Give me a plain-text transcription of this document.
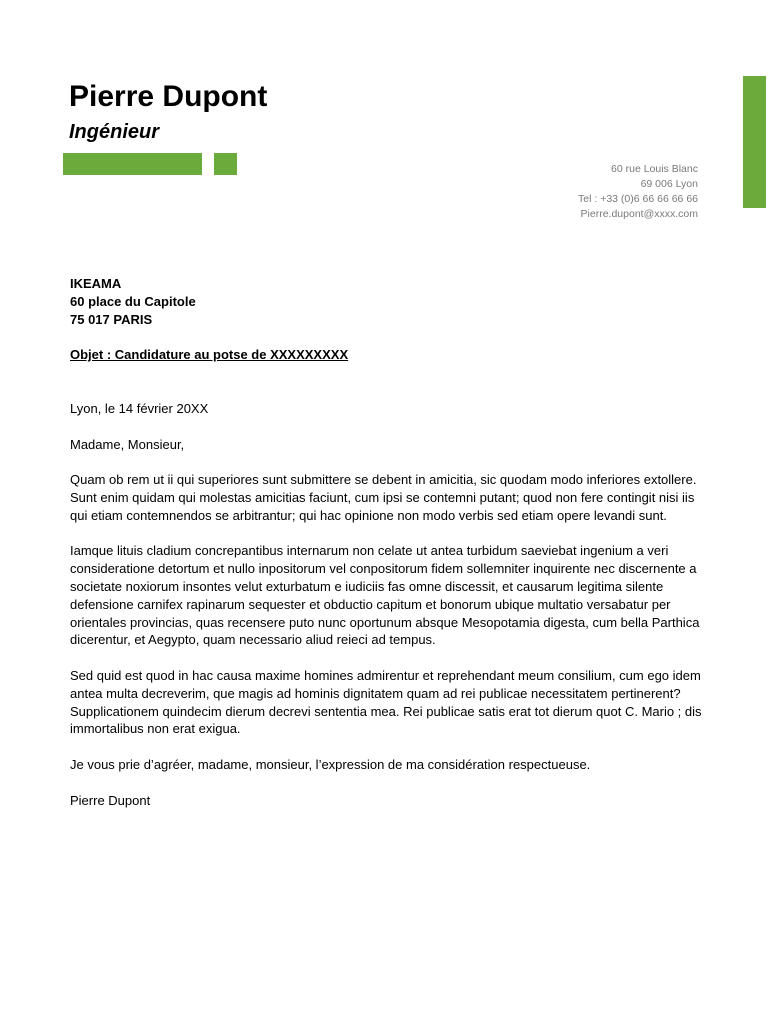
Pierre Dupont
Ingénieur
60 rue Louis Blanc
69 006 Lyon
Tel : +33 (0)6 66 66 66 66
Pierre.dupont@xxxx.com
IKEAMA
60 place du Capitole
75 017 PARIS
Objet : Candidature au potse de XXXXXXXXX

Lyon, le 14 février 20XX

Madame, Monsieur,

Quam ob rem ut ii qui superiores sunt submittere se debent in amicitia, sic quodam modo inferiores extollere. Sunt enim quidam qui molestas amicitias faciunt, cum ipsi se contemni putant; quod non fere contingit nisi iis qui etiam contemnendos se arbitrantur; qui hac opinione non modo verbis sed etiam opere levandi sunt.

Iamque lituis cladium concrepantibus internarum non celate ut antea turbidum saeviebat ingenium a veri consideratione detortum et nullo inpositorum vel conpositorum fidem sollemniter inquirente nec discernente a societate noxiorum insontes velut exturbatum e iudiciis fas omne discessit, et causarum legitima silente defensione carnifex rapinarum sequester et obductio capitum et bonorum ubique multatio versabatur per orientales provincias, quas recensere puto nunc oportunum absque Mesopotamia digesta, cum bella Parthica dicerentur, et Aegypto, quam necessario aliud reieci ad tempus.

Sed quid est quod in hac causa maxime homines admirentur et reprehendant meum consilium, cum ego idem antea multa decreverim, que magis ad hominis dignitatem quam ad rei publicae necessitatem pertinerent? Supplicationem quindecim dierum decrevi sententia mea. Rei publicae satis erat tot dierum quot C. Mario ; dis immortalibus non erat exigua.

Je vous prie d’agréer, madame, monsieur, l’expression de ma considération respectueuse.

Pierre Dupont
